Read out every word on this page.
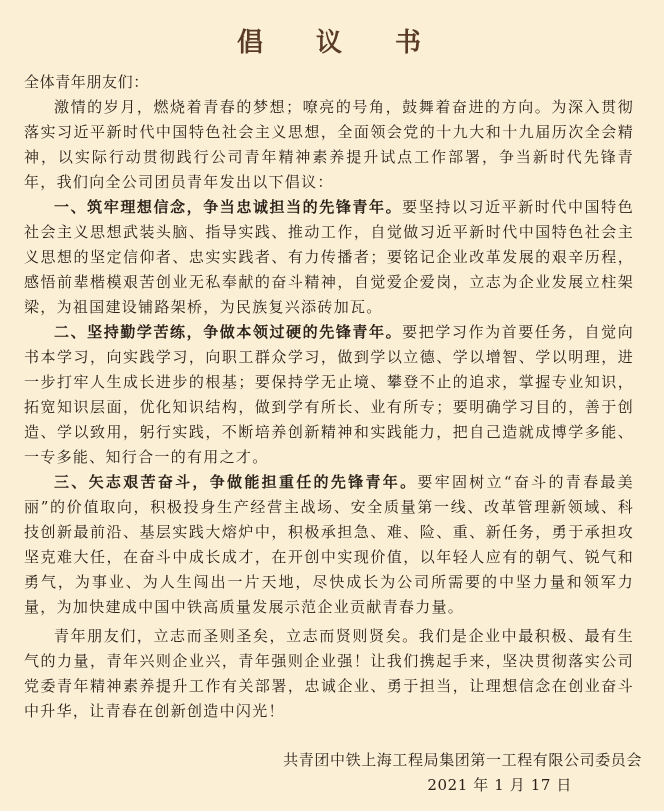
倡 议 书

全体青年朋友们：

激情的岁月，燃烧着青春的梦想；嘹亮的号角，鼓舞着奋进的方向。为深入贯彻落实习近平新时代中国特色社会主义思想，全面领会党的十九大和十九届历次全会精神，以实际行动贯彻践行公司青年精神素养提升试点工作部署，争当新时代先锋青年，我们向全公司团员青年发出以下倡议：

一、筑牢理想信念，争当忠诚担当的先锋青年。要坚持以习近平新时代中国特色社会主义思想武装头脑、指导实践、推动工作，自觉做习近平新时代中国特色社会主义思想的坚定信仰者、忠实实践者、有力传播者；要铭记企业改革发展的艰辛历程，感悟前辈楷模艰苦创业无私奉献的奋斗精神，自觉爱企爱岗，立志为企业发展立柱架梁，为祖国建设铺路架桥，为民族复兴添砖加瓦。

二、坚持勤学苦练，争做本领过硬的先锋青年。要把学习作为首要任务，自觉向书本学习，向实践学习，向职工群众学习，做到学以立德、学以增智、学以明理，进一步打牢人生成长进步的根基；要保持学无止境、攀登不止的追求，掌握专业知识，拓宽知识层面，优化知识结构，做到学有所长、业有所专；要明确学习目的，善于创造、学以致用，躬行实践，不断培养创新精神和实践能力，把自己造就成博学多能、一专多能、知行合一的有用之才。

三、矢志艰苦奋斗，争做能担重任的先锋青年。要牢固树立“奋斗的青春最美丽”的价值取向，积极投身生产经营主战场、安全质量第一线、改革管理新领域、科技创新最前沿、基层实践大熔炉中，积极承担急、难、险、重、新任务，勇于承担攻坚克难大任，在奋斗中成长成才，在开创中实现价值，以年轻人应有的朝气、锐气和勇气，为事业、为人生闯出一片天地，尽快成长为公司所需要的中坚力量和领军力量，为加快建成中国中铁高质量发展示范企业贡献青春力量。

青年朋友们，立志而圣则圣矣，立志而贤则贤矣。我们是企业中最积极、最有生气的力量，青年兴则企业兴，青年强则企业强！让我们携起手来，坚决贯彻落实公司党委青年精神素养提升工作有关部署，忠诚企业、勇于担当，让理想信念在创业奋斗中升华，让青春在创新创造中闪光！

共青团中铁上海工程局集团第一工程有限公司委员会
2021 年 1 月 17 日
